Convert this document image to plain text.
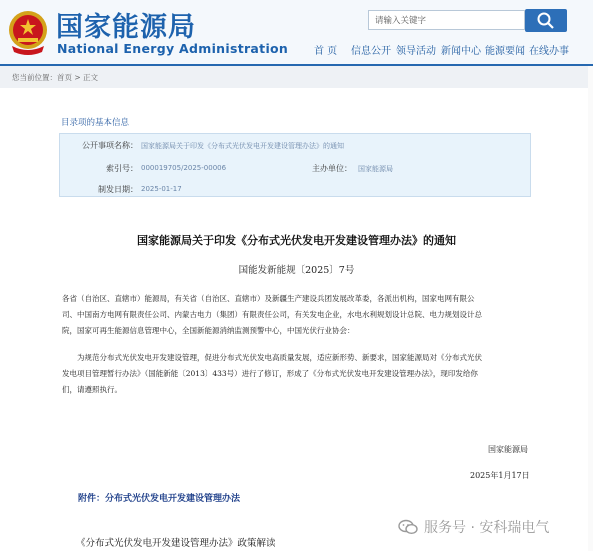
国家能源局
National Energy Administration
请输入关键字
首 页 信息公开 领导活动 新闻中心 能源要闻 在线办事
您当前位置：首页 > 正文
目录项的基本信息
公开事项名称： 国家能源局关于印发《分布式光伏发电开发建设管理办法》的通知
索引号： 000019705/2025-00006	主办单位： 国家能源局
制发日期： 2025-01-17
国家能源局关于印发《分布式光伏发电开发建设管理办法》的通知
国能发新能规〔2025〕7号
各省（自治区、直辖市）能源局，有关省（自治区、直辖市）及新疆生产建设兵团发展改革委，各派出机构，国家电网有限公
司、中国南方电网有限责任公司、内蒙古电力（集团）有限责任公司，有关发电企业，水电水利规划设计总院、电力规划设计总
院，国家可再生能源信息管理中心，全国新能源消纳监测预警中心，中国光伏行业协会：
　　为规范分布式光伏发电开发建设管理，促进分布式光伏发电高质量发展，适应新形势、新要求，国家能源局对《分布式光伏
发电项目管理暂行办法》（国能新能〔2013〕433号）进行了修订，形成了《分布式光伏发电开发建设管理办法》，现印发给你
们，请遵照执行。
国家能源局
2025年1月17日
附件：分布式光伏发电开发建设管理办法
《分布式光伏发电开发建设管理办法》政策解读
服务号 · 安科瑞电气
